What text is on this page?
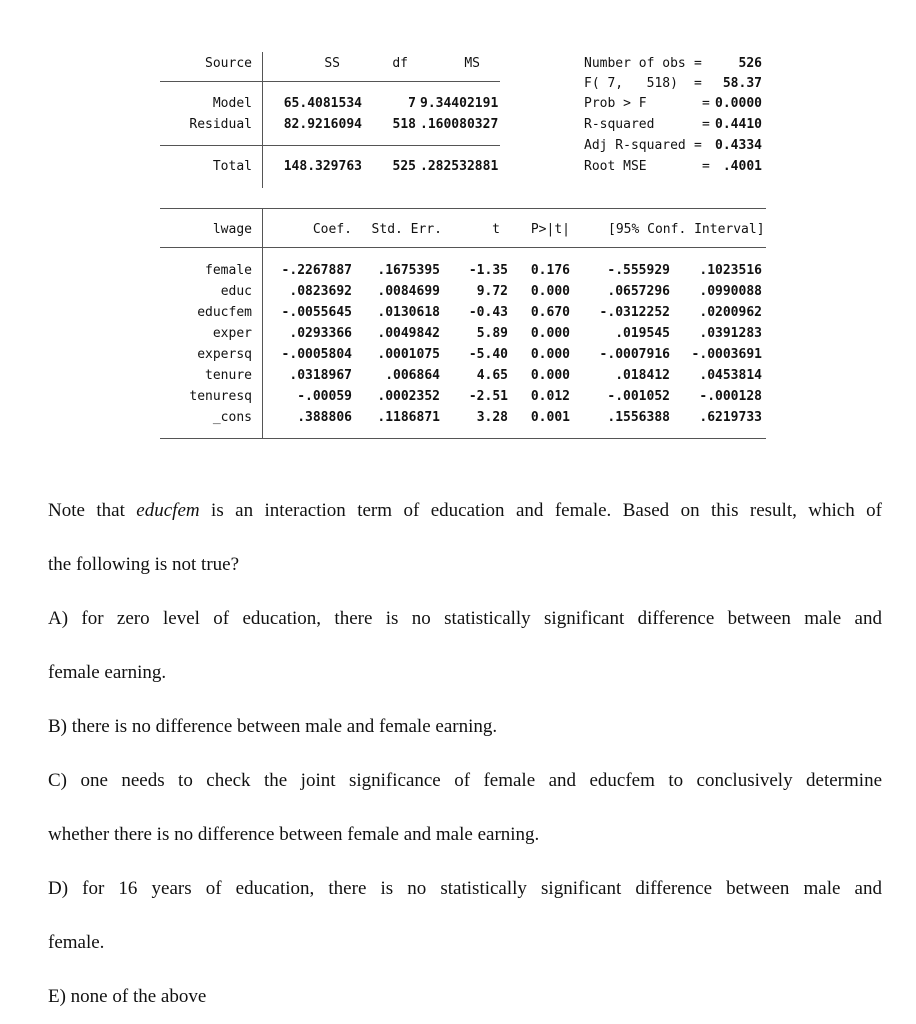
Source	SS	df	MS
Model	65.4081534	7 9.34402191
Residual	82.9216094	518 .160080327
Total	148.329763	525 .282532881
Number of obs =	526
F( 7,   518) =	58.37
Prob > F	= 0.0000
R-squared	= 0.4410
Adj R-squared =	0.4334
Root MSE	=	.4001
lwage	Coef.	Std. Err.	t	P>|t|	[95% Conf. Interval]
female	-.2267887	.1675395	-1.35	0.176	-.555929	.1023516
educ	.0823692	.0084699	9.72	0.000	.0657296	.0990088
educfem	-.0055645	.0130618	-0.43	0.670	-.0312252	.0200962
exper	.0293366	.0049842	5.89	0.000	.019545	.0391283
expersq	-.0005804	.0001075	-5.40	0.000	-.0007916	-.0003691
tenure	.0318967	.006864	4.65	0.000	.018412	.0453814
tenuresq	-.00059	.0002352	-2.51	0.012	-.001052	-.000128
_cons	.388806	.1186871	3.28	0.001	.1556388	.6219733
Note that educfem is an interaction term of education and female. Based on this result, which of
the following is not true?
A) for zero level of education, there is no statistically significant difference between male and
female earning.
B) there is no difference between male and female earning.
C) one needs to check the joint significance of female and educfem to conclusively determine
whether there is no difference between female and male earning.
D) for 16 years of education, there is no statistically significant difference between male and
female.
E) none of the above
